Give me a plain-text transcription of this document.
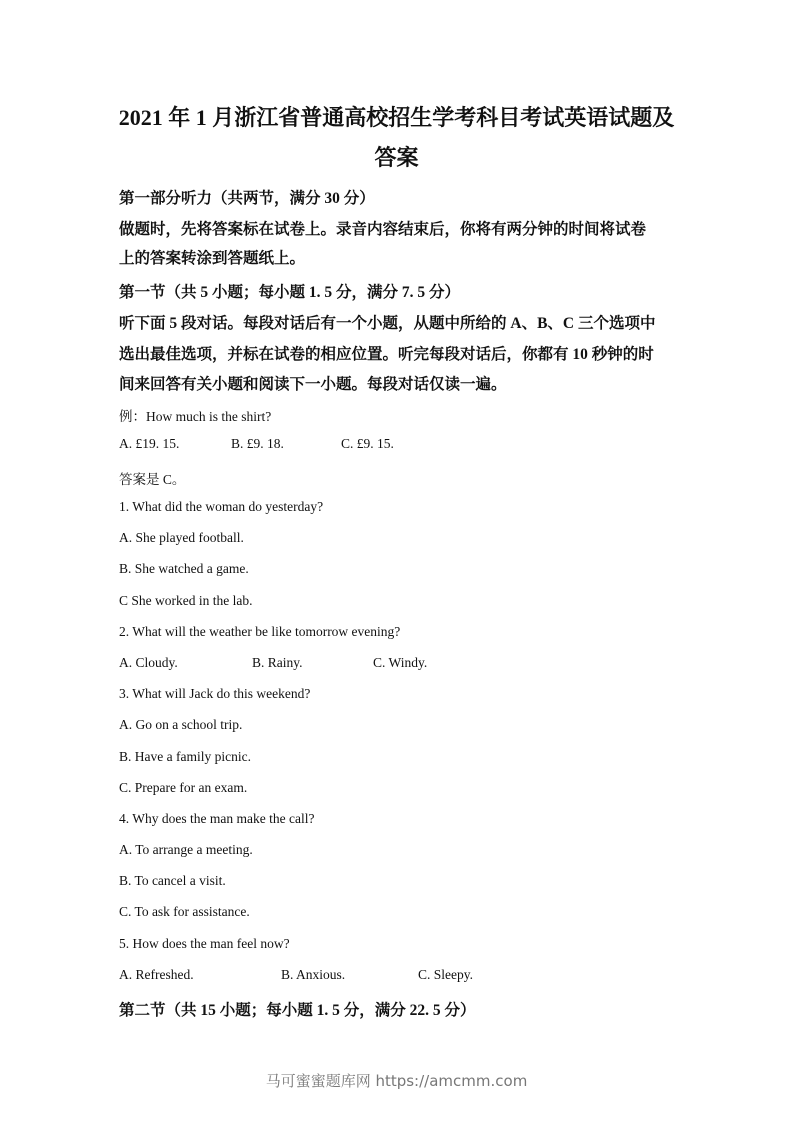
2021 年 1 月浙江省普通高校招生学考科目考试英语试题及
答案
第一部分听力（共两节，满分 30 分）
做题时，先将答案标在试卷上。录音内容结束后，你将有两分钟的时间将试卷
上的答案转涂到答题纸上。
第一节（共 5 小题；每小题 1. 5 分，满分 7. 5 分）
听下面 5 段对话。每段对话后有一个小题，从题中所给的 A、B、C 三个选项中
选出最佳选项，并标在试卷的相应位置。听完每段对话后，你都有 10 秒钟的时
间来回答有关小题和阅读下一小题。每段对话仅读一遍。
例：How much is the shirt?
A. £19. 15.	B. £9. 18.	C. £9. 15.
答案是 C。
1. What did the woman do yesterday?
A. She played football.
B. She watched a game.
C She worked in the lab.
2. What will the weather be like tomorrow evening?
A. Cloudy.	B. Rainy.	C. Windy.
3. What will Jack do this weekend?
A. Go on a school trip.
B. Have a family picnic.
C. Prepare for an exam.
4. Why does the man make the call?
A. To arrange a meeting.
B. To cancel a visit.
C. To ask for assistance.
5. How does the man feel now?
A. Refreshed.	B. Anxious.	C. Sleepy.
第二节（共 15 小题；每小题 1. 5 分，满分 22. 5 分）
马可蜜蜜题库网 https://amcmm.com
